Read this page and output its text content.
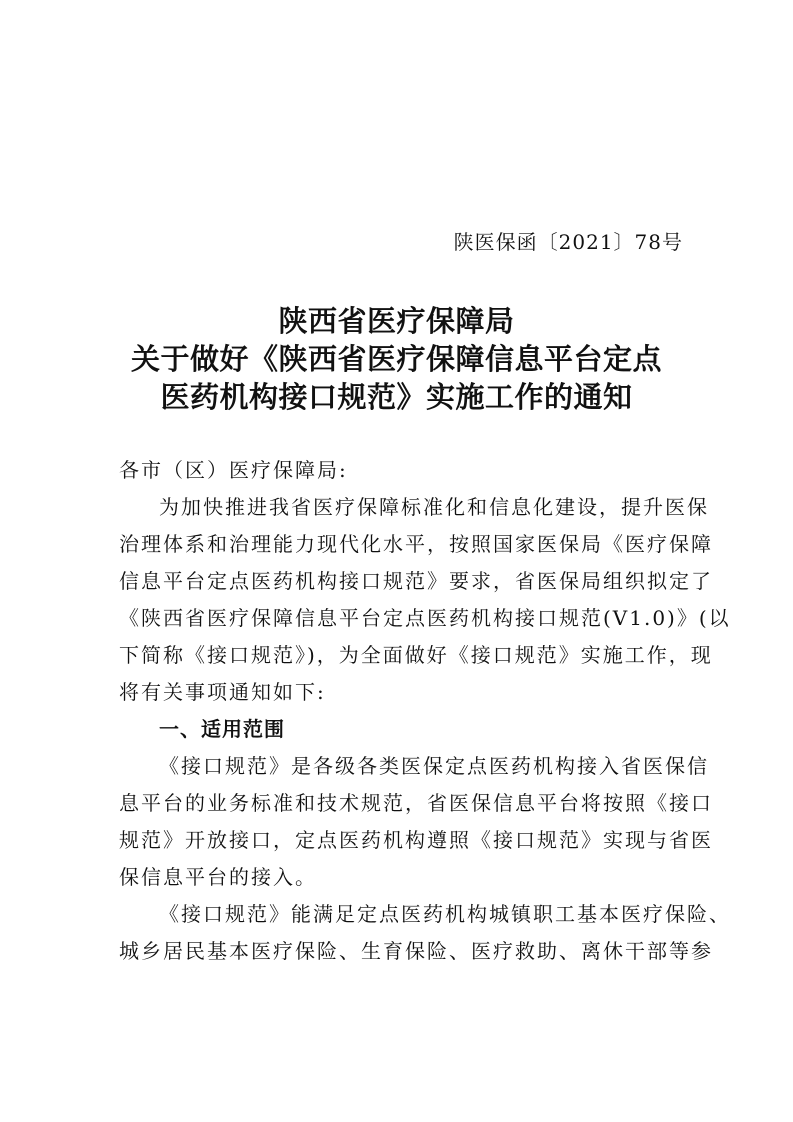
陕医保函〔2021〕78号
陕西省医疗保障局
关于做好《陕西省医疗保障信息平台定点
医药机构接口规范》实施工作的通知
各市（区）医疗保障局:
为加快推进我省医疗保障标准化和信息化建设，提升医保
治理体系和治理能力现代化水平，按照国家医保局《医疗保障
信息平台定点医药机构接口规范》要求，省医保局组织拟定了
《陕西省医疗保障信息平台定点医药机构接口规范(V1.0)》(以
下简称《接口规范》)，为全面做好《接口规范》实施工作，现
将有关事项通知如下:
一、适用范围
《接口规范》是各级各类医保定点医药机构接入省医保信
息平台的业务标准和技术规范，省医保信息平台将按照《接口
规范》开放接口，定点医药机构遵照《接口规范》实现与省医
保信息平台的接入。
《接口规范》能满足定点医药机构城镇职工基本医疗保险、
城乡居民基本医疗保险、生育保险、医疗救助、离休干部等参
